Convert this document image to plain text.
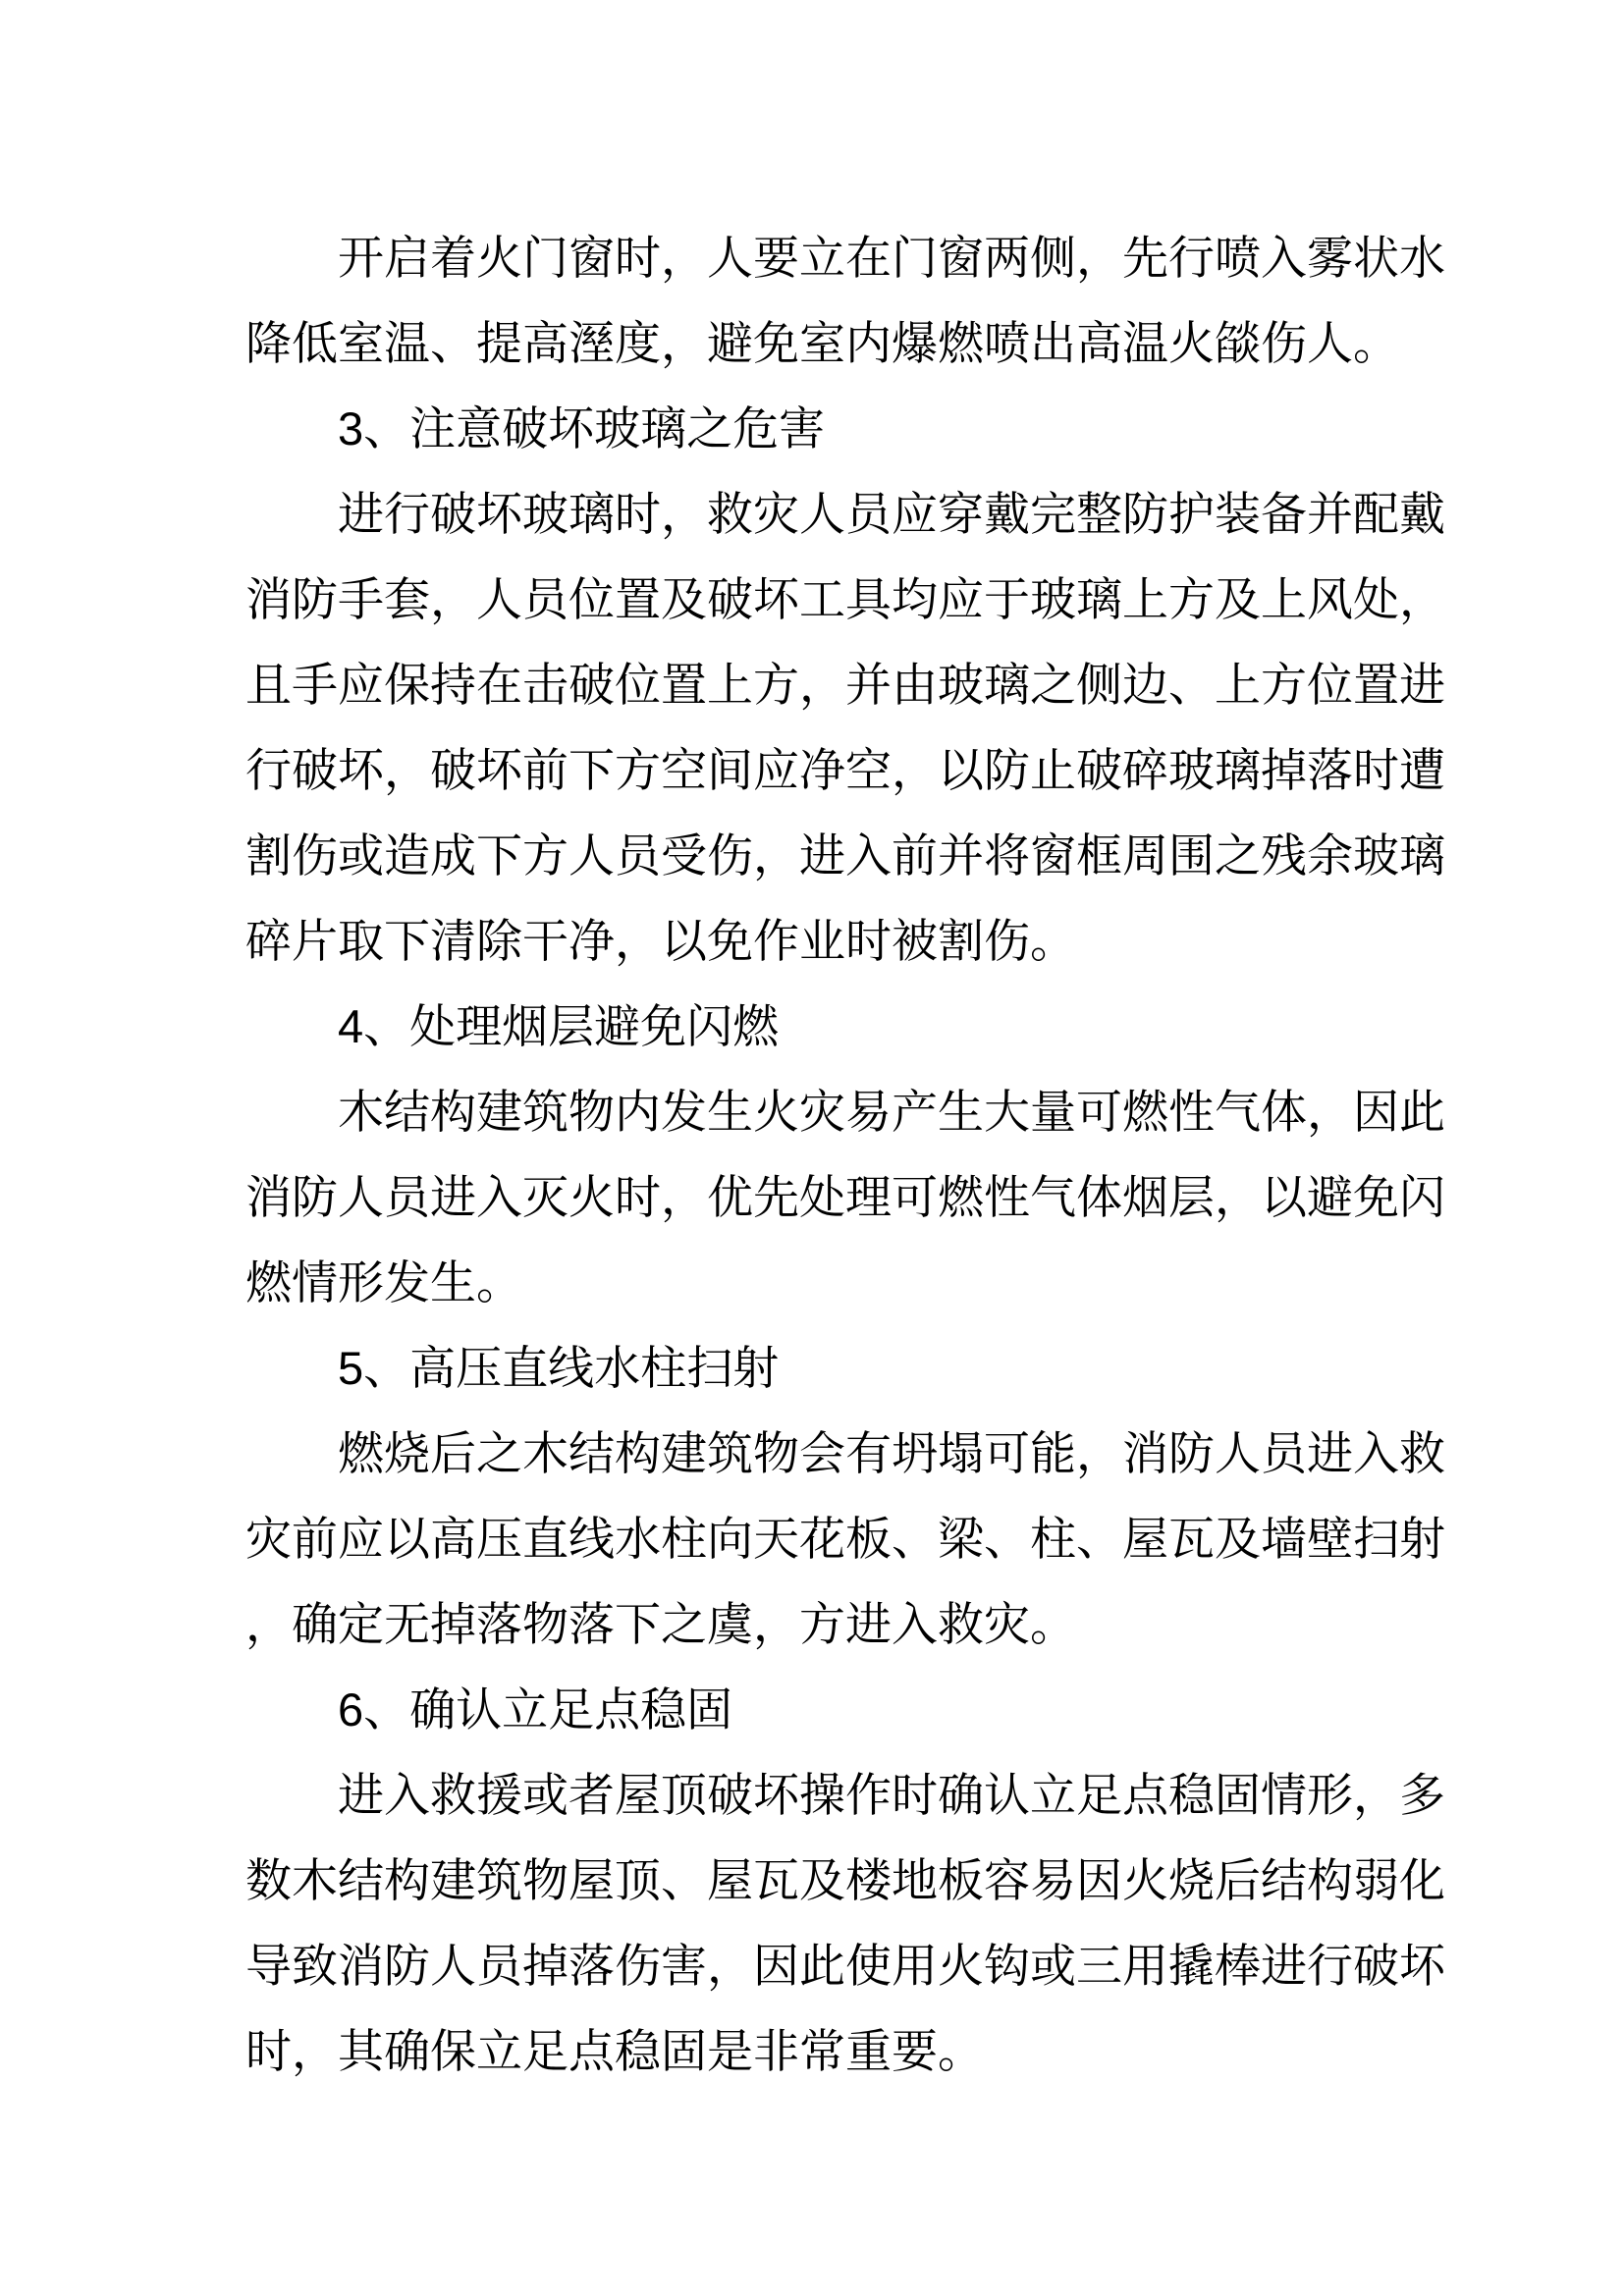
开启着火门窗时，人要立在门窗两侧，先行喷入雾状水降低室温、提高溼度，避免室内爆燃喷出高温火燄伤人。

3、注意破坏玻璃之危害

进行破坏玻璃时，救灾人员应穿戴完整防护装备并配戴消防手套，人员位置及破坏工具均应于玻璃上方及上风处，且手应保持在击破位置上方，并由玻璃之侧边、上方位置进行破坏，破坏前下方空间应净空，以防止破碎玻璃掉落时遭割伤或造成下方人员受伤，进入前并将窗框周围之残余玻璃碎片取下清除干净，以免作业时被割伤。

4、处理烟层避免闪燃

木结构建筑物内发生火灾易产生大量可燃性气体，因此消防人员进入灭火时，优先处理可燃性气体烟层，以避免闪燃情形发生。

5、高压直线水柱扫射

燃烧后之木结构建筑物会有坍塌可能，消防人员进入救灾前应以高压直线水柱向天花板、梁、柱、屋瓦及墙壁扫射，确定无掉落物落下之虞，方进入救灾。

6、确认立足点稳固

进入救援或者屋顶破坏操作时确认立足点稳固情形，多数木结构建筑物屋顶、屋瓦及楼地板容易因火烧后结构弱化导致消防人员掉落伤害，因此使用火钩或三用撬棒进行破坏时，其确保立足点稳固是非常重要。
